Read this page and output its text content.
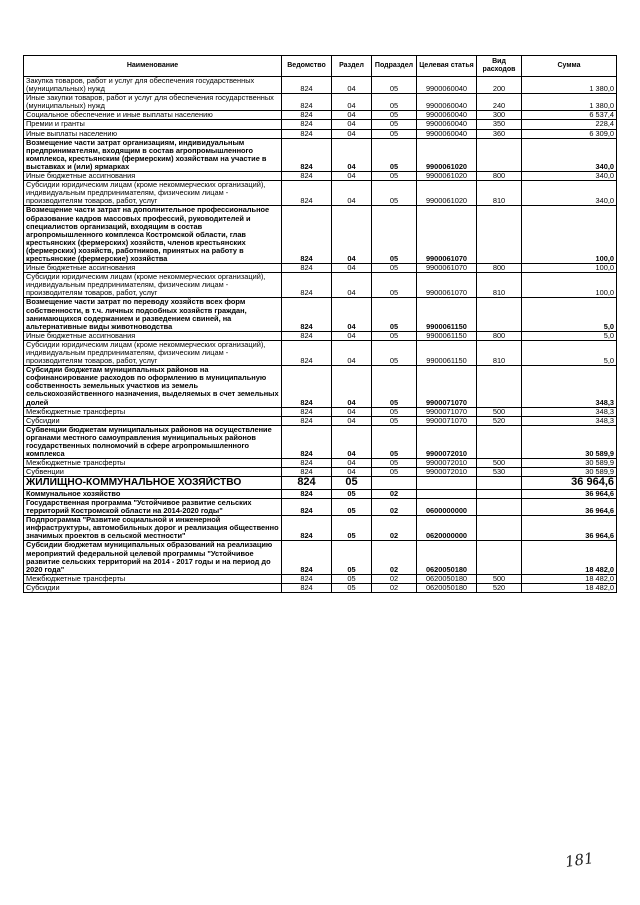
Наименование	Ведомство	Раздел	Подраздел	Целевая статья	Вид расходов	Сумма
Закупка товаров, работ и услуг для обеспечения государственных (муниципальных) нужд	824	04	05	9900060040	200	1 380,0
Иные закупки товаров, работ и услуг для обеспечения государственных (муниципальных) нужд	824	04	05	9900060040	240	1 380,0
Социальное обеспечение и иные выплаты населению	824	04	05	9900060040	300	6 537,4
Премии и гранты	824	04	05	9900060040	350	228,4
Иные выплаты населению	824	04	05	9900060040	360	6 309,0
Возмещение части затрат организациям, индивидуальным предпринимателям, входящим в состав агропромышленного комплекса, крестьянским (фермерским) хозяйствам на участие в выставках и (или) ярмарках	824	04	05	9900061020		340,0
Иные бюджетные ассигнования	824	04	05	9900061020	800	340,0
Субсидии юридическим лицам (кроме некоммерческих организаций), индивидуальным предпринимателям, физическим лицам - производителям товаров, работ, услуг	824	04	05	9900061020	810	340,0
Возмещение части затрат на дополнительное профессиональное образование кадров массовых профессий, руководителей и специалистов организаций, входящим в состав агропромышленного комплекса Костромской области, глав крестьянских (фермерских) хозяйств, членов крестьянских (фермерских) хозяйств, работников, принятых на работу в крестьянские (фермерские) хозяйства	824	04	05	9900061070		100,0
Иные бюджетные ассигнования	824	04	05	9900061070	800	100,0
Субсидии юридическим лицам (кроме некоммерческих организаций), индивидуальным предпринимателям, физическим лицам - производителям товаров, работ, услуг	824	04	05	9900061070	810	100,0
Возмещение части затрат по переводу хозяйств всех форм собственности, в т.ч. личных подсобных хозяйств граждан, занимающихся содержанием и разведением свиней, на альтернативные виды животноводства	824	04	05	9900061150		5,0
Иные бюджетные ассигнования	824	04	05	9900061150	800	5,0
Субсидии юридическим лицам (кроме некоммерческих организаций), индивидуальным предпринимателям, физическим лицам - производителям товаров, работ, услуг	824	04	05	9900061150	810	5,0
Субсидии бюджетам муниципальных районов на софинансирование расходов по оформлению в муниципальную собственность земельных участков из земель сельскохозяйственного назначения, выделяемых в счет земельных долей	824	04	05	9900071070		348,3
Межбюджетные трансферты	824	04	05	9900071070	500	348,3
Субсидии	824	04	05	9900071070	520	348,3
Субвенции бюджетам муниципальных районов на осуществление органами местного самоуправления муниципальных районов государственных полномочий в сфере агропромышленного комплекса	824	04	05	9900072010		30 589,9
Межбюджетные трансферты	824	04	05	9900072010	500	30 589,9
Субвенции	824	04	05	9900072010	530	30 589,9
ЖИЛИЩНО-КОММУНАЛЬНОЕ ХОЗЯЙСТВО	824	05				36 964,6
Коммунальное хозяйство	824	05	02			36 964,6
Государственная программа "Устойчивое развитие сельских территорий Костромской области на 2014-2020 годы"	824	05	02	0600000000		36 964,6
Подпрограмма "Развитие социальной и инженерной инфраструктуры, автомобильных дорог и реализация общественно значимых проектов в сельской местности"	824	05	02	0620000000		36 964,6
Субсидии бюджетам муниципальных образований на реализацию мероприятий федеральной целевой программы "Устойчивое развитие сельских территорий на 2014 - 2017 годы и на период до 2020 года"	824	05	02	0620050180		18 482,0
Межбюджетные трансферты	824	05	02	0620050180	500	18 482,0
Субсидии	824	05	02	0620050180	520	18 482,0
181
